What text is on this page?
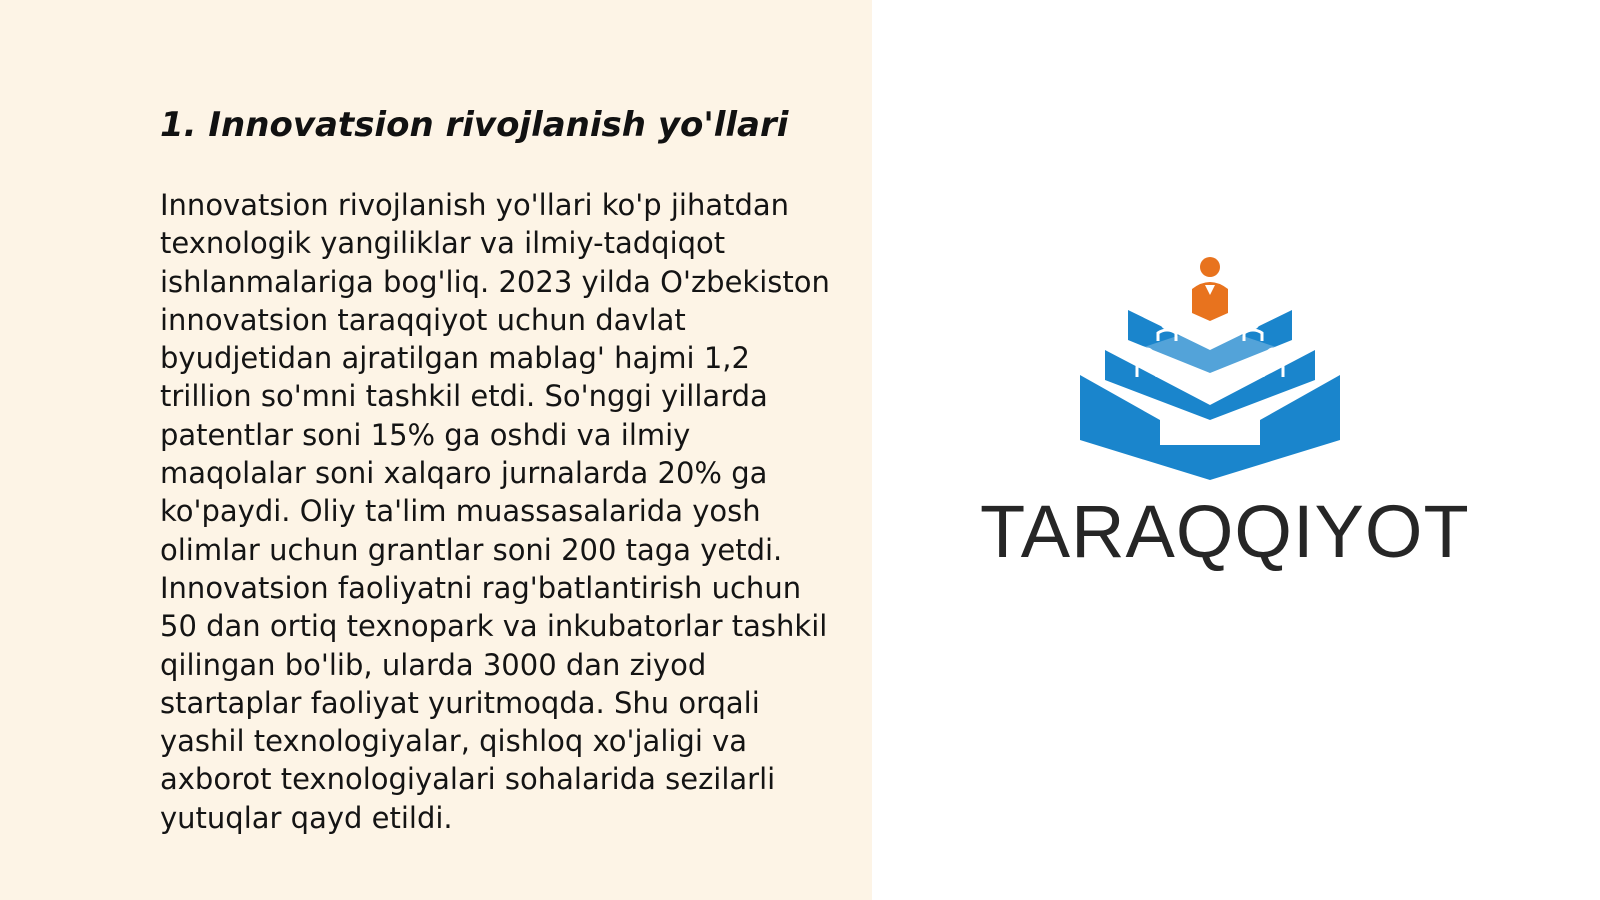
1. Innovatsion rivojlanish yo'llari

Innovatsion rivojlanish yo'llari ko'p jihatdan texnologik yangiliklar va ilmiy-tadqiqot ishlanmalariga bog'liq. 2023 yilda O'zbekiston innovatsion taraqqiyot uchun davlat byudjetidan ajratilgan mablag' hajmi 1,2 trillion so'mni tashkil etdi. So'nggi yillarda patentlar soni 15% ga oshdi va ilmiy maqolalar soni xalqaro jurnalarda 20% ga ko'paydi. Oliy ta'lim muassasalarida yosh olimlar uchun grantlar soni 200 taga yetdi. Innovatsion faoliyatni rag'batlantirish uchun 50 dan ortiq texnopark va inkubatorlar tashkil qilingan bo'lib, ularda 3000 dan ziyod startaplar faoliyat yuritmoqda. Shu orqali yashil texnologiyalar, qishloq xo'jaligi va axborot texnologiyalari sohalarida sezilarli yutuqlar qayd etildi.

TARAQQIYOT
